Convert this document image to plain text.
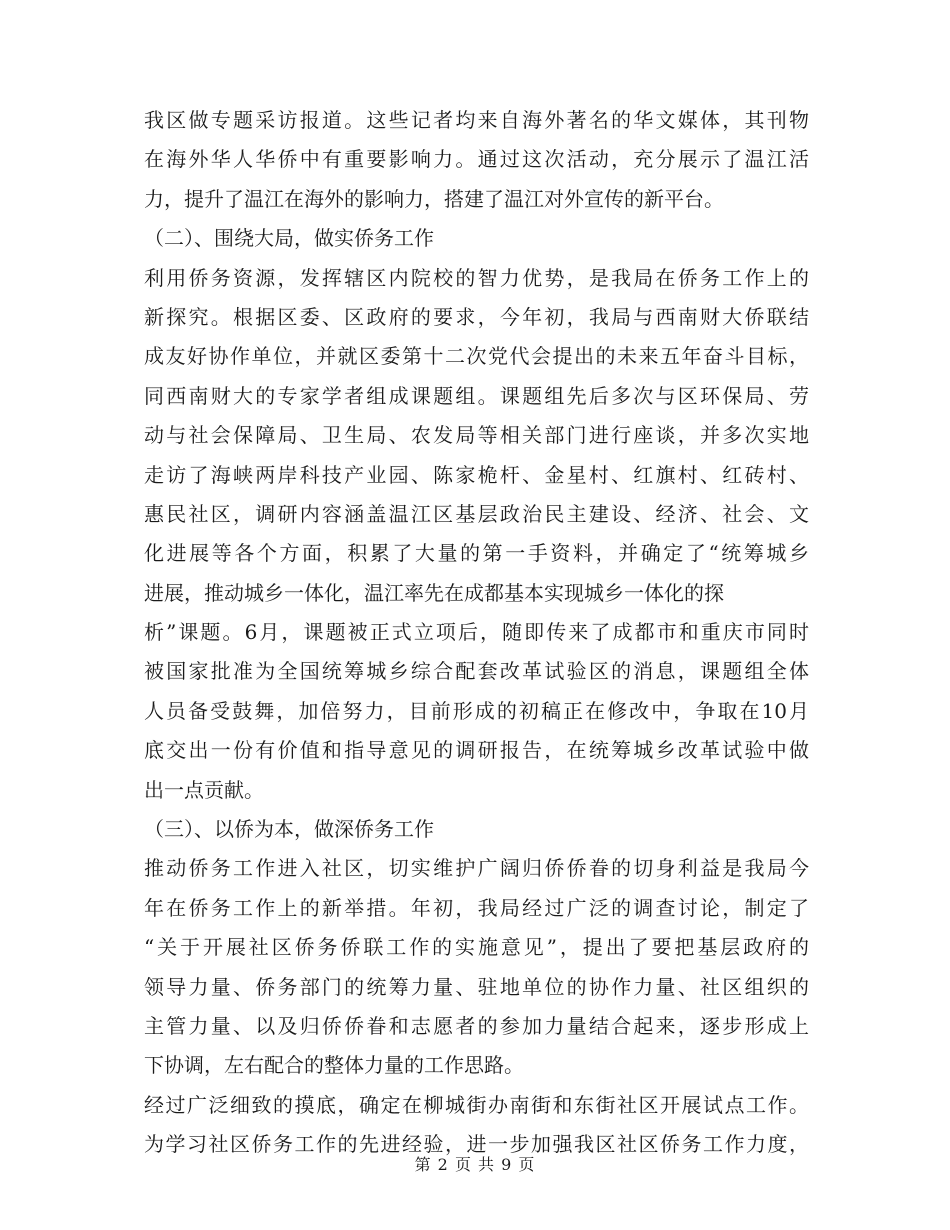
我区做专题采访报道。这些记者均来自海外著名的华文媒体，其刊物
在海外华人华侨中有重要影响力。通过这次活动，充分展示了温江活
力，提升了温江在海外的影响力，搭建了温江对外宣传的新平台。
（二）、围绕大局，做实侨务工作
利用侨务资源，发挥辖区内院校的智力优势，是我局在侨务工作上的
新探究。根据区委、区政府的要求，今年初，我局与西南财大侨联结
成友好协作单位，并就区委第十二次党代会提出的未来五年奋斗目标，
同西南财大的专家学者组成课题组。课题组先后多次与区环保局、劳
动与社会保障局、卫生局、农发局等相关部门进行座谈，并多次实地
走访了海峡两岸科技产业园、陈家桅杆、金星村、红旗村、红砖村、
惠民社区，调研内容涵盖温江区基层政治民主建设、经济、社会、文
化进展等各个方面，积累了大量的第一手资料，并确定了“统筹城乡
进展，推动城乡一体化，温江率先在成都基本实现城乡一体化的探
析”课题。6月，课题被正式立项后，随即传来了成都市和重庆市同时
被国家批准为全国统筹城乡综合配套改革试验区的消息，课题组全体
人员备受鼓舞，加倍努力，目前形成的初稿正在修改中，争取在10月
底交出一份有价值和指导意见的调研报告，在统筹城乡改革试验中做
出一点贡献。
（三）、以侨为本，做深侨务工作
推动侨务工作进入社区，切实维护广阔归侨侨眷的切身利益是我局今
年在侨务工作上的新举措。年初，我局经过广泛的调查讨论，制定了
“关于开展社区侨务侨联工作的实施意见”，提出了要把基层政府的
领导力量、侨务部门的统筹力量、驻地单位的协作力量、社区组织的
主管力量、以及归侨侨眷和志愿者的参加力量结合起来，逐步形成上
下协调，左右配合的整体力量的工作思路。
经过广泛细致的摸底，确定在柳城街办南街和东街社区开展试点工作。
为学习社区侨务工作的先进经验，进一步加强我区社区侨务工作力度，
第 2 页 共 9 页
